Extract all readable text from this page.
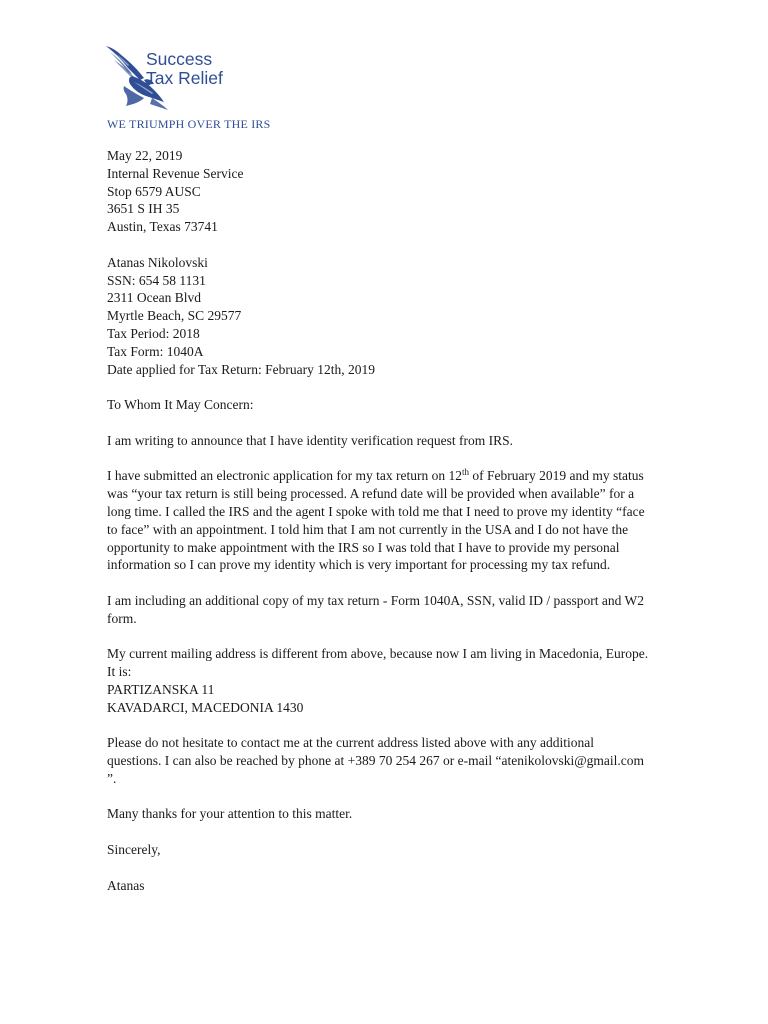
Success
Tax Relief
WE TRIUMPH OVER THE IRS

May 22, 2019
Internal Revenue Service
Stop 6579 AUSC
3651 S IH 35
Austin, Texas 73741

Atanas Nikolovski
SSN: 654 58 1131
2311 Ocean Blvd
Myrtle Beach, SC 29577
Tax Period: 2018
Tax Form: 1040A
Date applied for Tax Return: February 12th, 2019

To Whom It May Concern:

I am writing to announce that I have identity verification request from IRS.

I have submitted an electronic application for my tax return on 12th of February 2019 and my status
was “your tax return is still being processed. A refund date will be provided when available” for a
long time. I called the IRS and the agent I spoke with told me that I need to prove my identity “face
to face” with an appointment. I told him that I am not currently in the USA and I do not have the
opportunity to make appointment with the IRS so I was told that I have to provide my personal
information so I can prove my identity which is very important for processing my tax refund.

I am including an additional copy of my tax return - Form 1040A, SSN, valid ID / passport and W2
form.

My current mailing address is different from above, because now I am living in Macedonia, Europe.
It is:
PARTIZANSKA 11
KAVADARCI, MACEDONIA 1430

Please do not hesitate to contact me at the current address listed above with any additional
questions. I can also be reached by phone at +389 70 254 267 or e-mail “atenikolovski@gmail.com
”.

Many thanks for your attention to this matter.

Sincerely,

Atanas
